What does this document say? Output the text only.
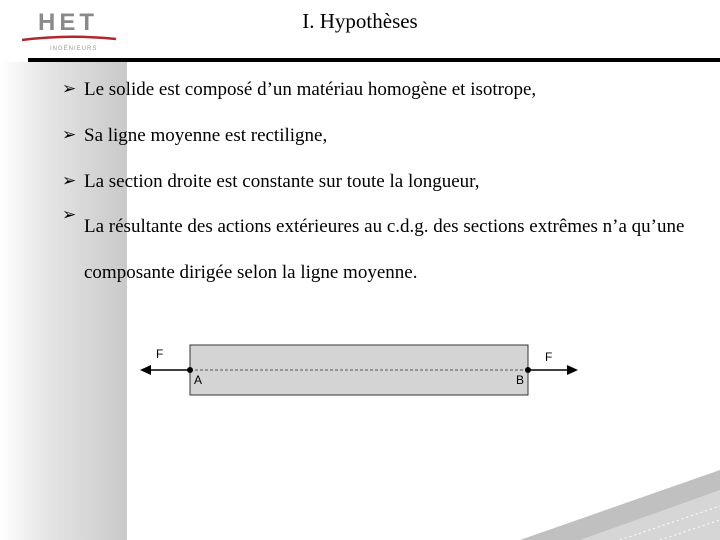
HET
INGÉNIEURS
I. Hypothèses
➢ Le solide est composé d’un matériau homogène et isotrope,
➢ Sa ligne moyenne est rectiligne,
➢ La section droite est constante sur toute la longueur,
➢
La résultante des actions extérieures au c.d.g. des sections extrêmes n’a qu’une composante dirigée selon la ligne moyenne.
F	F
A	B
